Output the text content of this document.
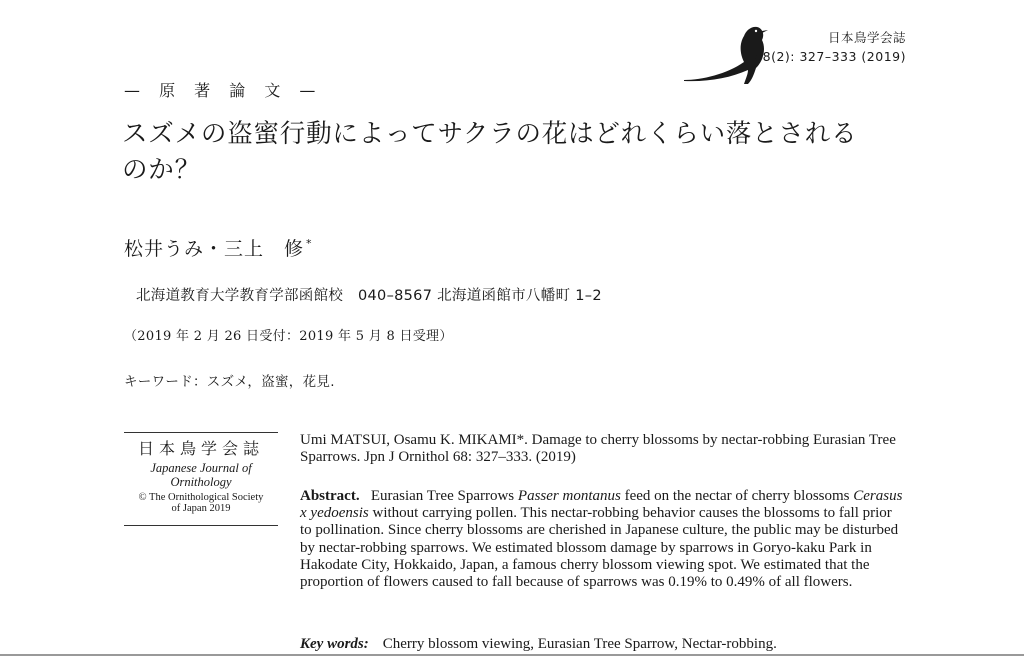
日本鳥学会誌
68(2): 327–333 (2019)
— 原 著 論 文 —
スズメの盗蜜行動によってサクラの花はどれくらい落とされる
のか？
松井うみ・三上　修 *
北海道教育大学教育学部函館校　040–8567 北海道函館市八幡町 1–2
（2019 年 2 月 26 日受付：2019 年 5 月 8 日受理）
キーワード：スズメ，盗蜜，花見.
日本鳥学会誌
Japanese Journal of
Ornithology
© The Ornithological Society
of Japan 2019
Umi MATSUI, Osamu K. MIKAMI*. Damage to cherry blossoms by nectar-robbing Eurasian Tree Sparrows. Jpn J Ornithol 68: 327–333. (2019)
Abstract. Eurasian Tree Sparrows Passer montanus feed on the nectar of cherry blossoms Cerasus x yedoensis without carrying pollen. This nectar-robbing behavior causes the blossoms to fall prior to pollination. Since cherry blossoms are cherished in Japanese culture, the public may be disturbed by nectar-robbing sparrows. We estimated blossom damage by sparrows in Goryo-kaku Park in Hakodate City, Hokkaido, Japan, a famous cherry blossom viewing spot. We estimated that the proportion of flowers caused to fall because of sparrows was 0.19% to 0.49% of all flowers.
Key words: Cherry blossom viewing, Eurasian Tree Sparrow, Nectar-robbing.
